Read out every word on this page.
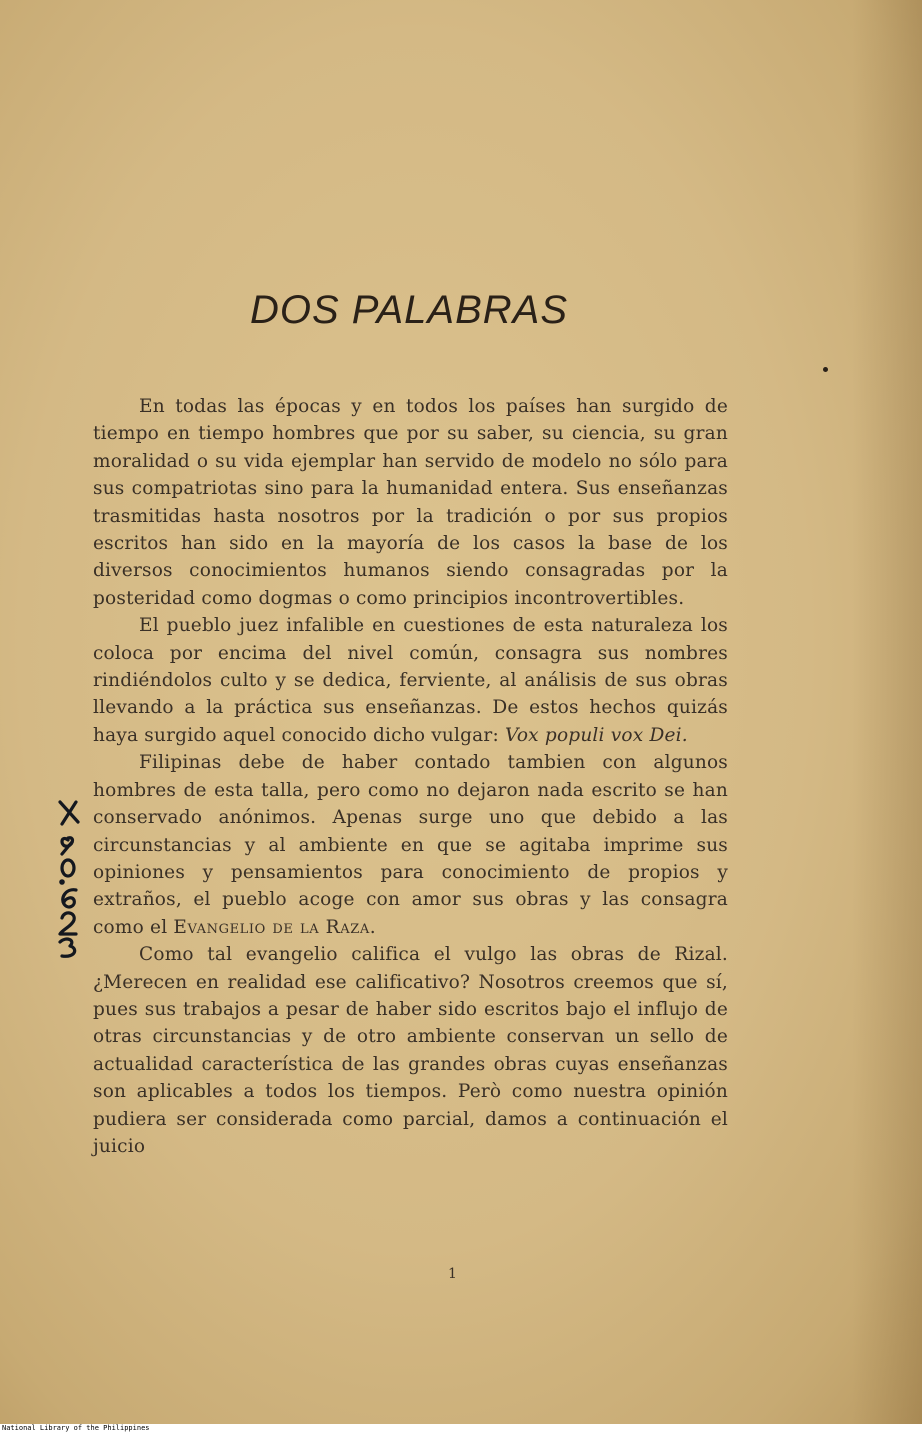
DOS PALABRAS

En todas las épocas y en todos los países han surgido de tiempo en tiempo hombres que por su saber, su ciencia, su gran moralidad o su vida ejemplar han servido de modelo no sólo para sus compatriotas sino para la humanidad entera. Sus enseñanzas trasmitidas hasta nosotros por la tradición o por sus propios escritos han sido en la mayoría de los casos la base de los diversos conocimientos humanos siendo consagradas por la posteridad como dogmas o como principios incontrovertibles.

El pueblo juez infalible en cuestiones de esta naturaleza los coloca por encima del nivel común, consagra sus nombres rindiéndolos culto y se dedica, ferviente, al análisis de sus obras llevando a la práctica sus enseñanzas. De estos hechos quizás haya surgido aquel conocido dicho vulgar: Vox populi vox Dei.

Filipinas debe de haber contado tambien con algunos hombres de esta talla, pero como no dejaron nada escrito se han conservado anónimos. Apenas surge uno que debido a las circunstancias y al ambiente en que se agitaba imprime sus opiniones y pensamientos para conocimiento de propios y extraños, el pueblo acoge con amor sus obras y las consagra como el Evangelio de la Raza.

Como tal evangelio califica el vulgo las obras de Rizal. ¿Merecen en realidad ese calificativo? Nosotros creemos que sí, pues sus trabajos a pesar de haber sido escritos bajo el influjo de otras circunstancias y de otro ambiente conservan un sello de actualidad característica de las grandes obras cuyas enseñanzas son aplicables a todos los tiempos. Però como nuestra opinión pudiera ser considerada como parcial, damos a continuación el juicio

1
National Library of the Philippines
